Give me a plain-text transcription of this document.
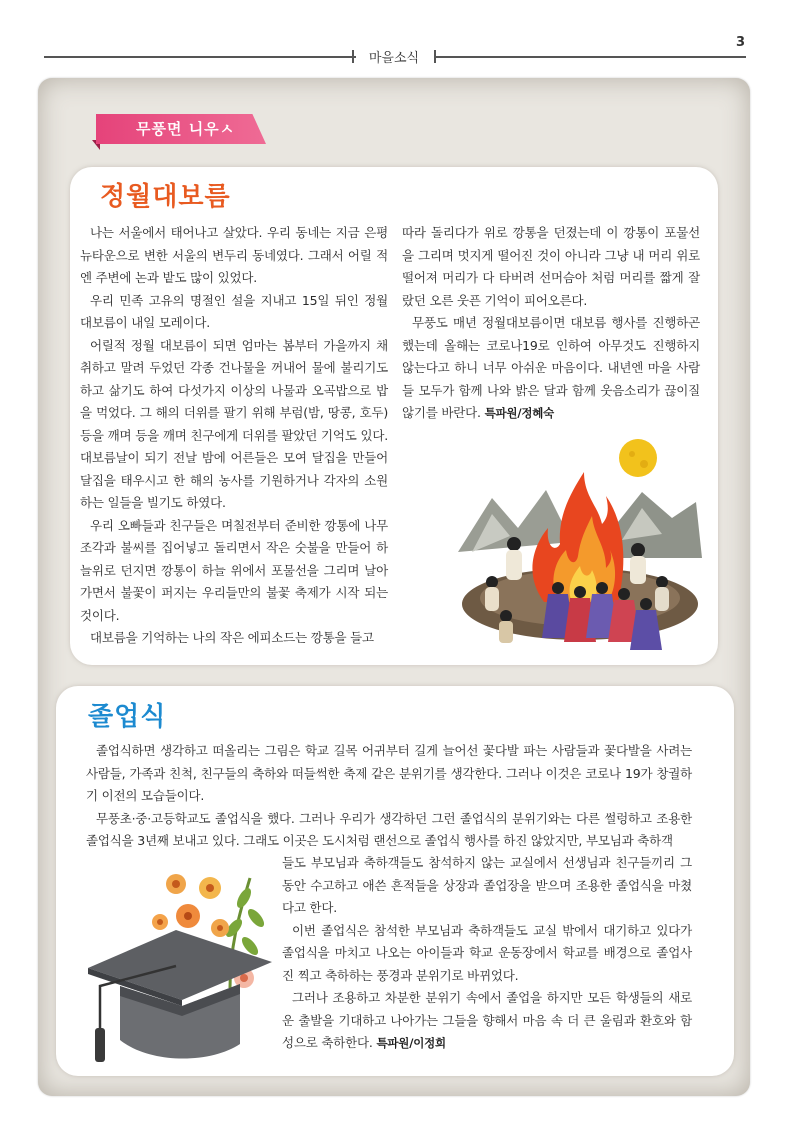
마을소식
3
무풍면 니우ㅅ
정월대보름

나는 서울에서 태어나고 살았다. 우리 동네는 지금 은평 뉴타운으로 변한 서울의 변두리 동네였다. 그래서 어릴 적엔 주변에 논과 밭도 많이 있었다.

우리 민족 고유의 명절인 설을 지내고 15일 뒤인 정월 대보름이 내일 모레이다.

어릴적 정월 대보름이 되면 엄마는 봄부터 가을까지 채취하고 말려 두었던 각종 건나물을 꺼내어 물에 불리기도 하고 삶기도 하여 다섯가지 이상의 나물과 오곡밥으로 밥을 먹었다. 그 해의 더위를 팔기 위해 부럼(밤, 땅콩, 호두) 등을 깨며 등을 깨며 친구에게 더위를 팔았던 기억도 있다. 대보름날이 되기 전날 밤에 어른들은 모여 달집을 만들어 달집을 태우시고 한 해의 농사를 기원하거나 각자의 소원하는 일들을 빌기도 하였다.

우리 오빠들과 친구들은 며칠전부터 준비한 깡통에 나무조각과 불씨를 집어넣고 돌리면서 작은 숫불을 만들어 하늘위로 던지면 깡통이 하늘 위에서 포물선을 그리며 날아가면서 불꽃이 퍼지는 우리들만의 불꽃 축제가 시작 되는 것이다.

대보름을 기억하는 나의 작은 에피소드는 깡통을 들고

따라 돌리다가 위로 깡통을 던졌는데 이 깡통이 포물선을 그리며 멋지게 떨어진 것이 아니라 그냥 내 머리 위로 떨어져 머리가 다 타버려 선머슴아 처럼 머리를 짧게 잘랐던 오른 웃픈 기억이 피어오른다.

무풍도 매년 정월대보름이면 대보름 행사를 진행하곤 했는데 올해는 코로나19로 인하여 아무것도 진행하지 않는다고 하니 너무 아쉬운 마음이다. 내년엔 마을 사람들 모두가 함께 나와 밝은 달과 함께 웃음소리가 끊이질 않기를 바란다. 특파원/정혜숙

졸업식

졸업식하면 생각하고 떠올리는 그림은 학교 길목 어귀부터 길게 늘어선 꽃다발 파는 사람들과 꽃다발을 사려는 사람들, 가족과 친척, 친구들의 축하와 떠들썩한 축제 같은 분위기를 생각한다. 그러나 이것은 코로나 19가 창궐하기 이전의 모습들이다.

무풍초·중·고등학교도 졸업식을 했다. 그러나 우리가 생각하던 그런 졸업식의 분위기와는 다른 썰렁하고 조용한 졸업식을 3년째 보내고 있다. 그래도 이곳은 도시처럼 랜선으로 졸업식 행사를 하진 않았지만, 부모님과 축하객

들도 부모님과 축하객들도 참석하지 않는 교실에서 선생님과 친구들끼리 그동안 수고하고 애쓴 흔적들을 상장과 졸업장을 받으며 조용한 졸업식을 마쳤다고 한다.

이번 졸업식은 참석한 부모님과 축하객들도 교실 밖에서 대기하고 있다가 졸업식을 마치고 나오는 아이들과 학교 운동장에서 학교를 배경으로 졸업사진 찍고 축하하는 풍경과 분위기로 바뀌었다.

그러나 조용하고 차분한 분위기 속에서 졸업을 하지만 모든 학생들의 새로운 출발을 기대하고 나아가는 그들을 향해서 마음 속 더 큰 울림과 환호와 함성으로 축하한다. 특파원/이정희
